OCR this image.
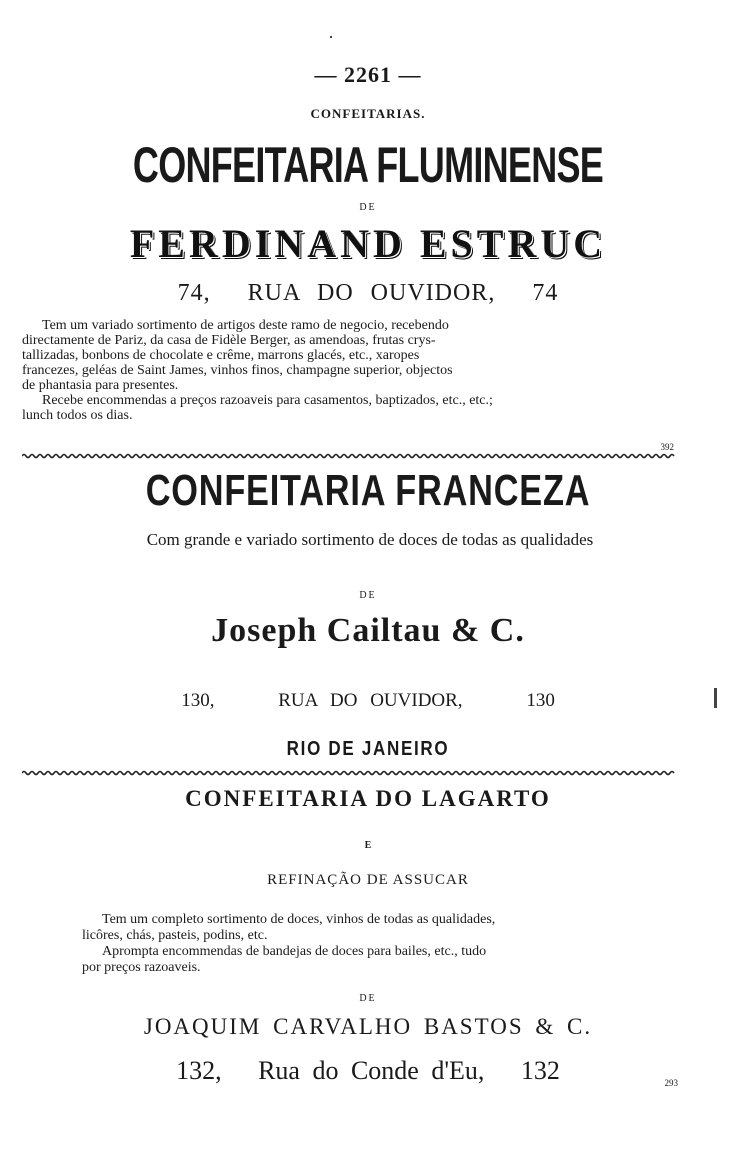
— 2261 —

CONFEITARIAS.

CONFEITARIA FLUMINENSE

DE

FERDINAND ESTRUC

74, RUA DO OUVIDOR, 74

Tem um variado sortimento de artigos deste ramo de negocio, recebendo
directamente de Pariz, da casa de Fidèle Berger, as amendoas, frutas crys-
tallizadas, bonbons de chocolate e crême, marrons glacés, etc., xaropes
francezes, geléas de Saint James, vinhos finos, champagne superior, objectos
de phantasia para presentes.
Recebe encommendas a preços razoaveis para casamentos, baptizados, etc., etc.;
lunch todos os dias.

392

CONFEITARIA FRANCEZA

Com grande e variado sortimento de doces de todas as qualidades

DE

Joseph Cailtau & C.

130,	RUA DO OUVIDOR,	130

RIO DE JANEIRO

CONFEITARIA DO LAGARTO

E

REFINAÇÃO DE ASSUCAR

Tem um completo sortimento de doces, vinhos de todas as qualidades,
licôres, chás, pasteis, podins, etc.
Aprompta encommendas de bandejas de doces para bailes, etc., tudo
por preços razoaveis.

DE

JOAQUIM CARVALHO BASTOS & C.

132, Rua do Conde d'Eu, 132	293
